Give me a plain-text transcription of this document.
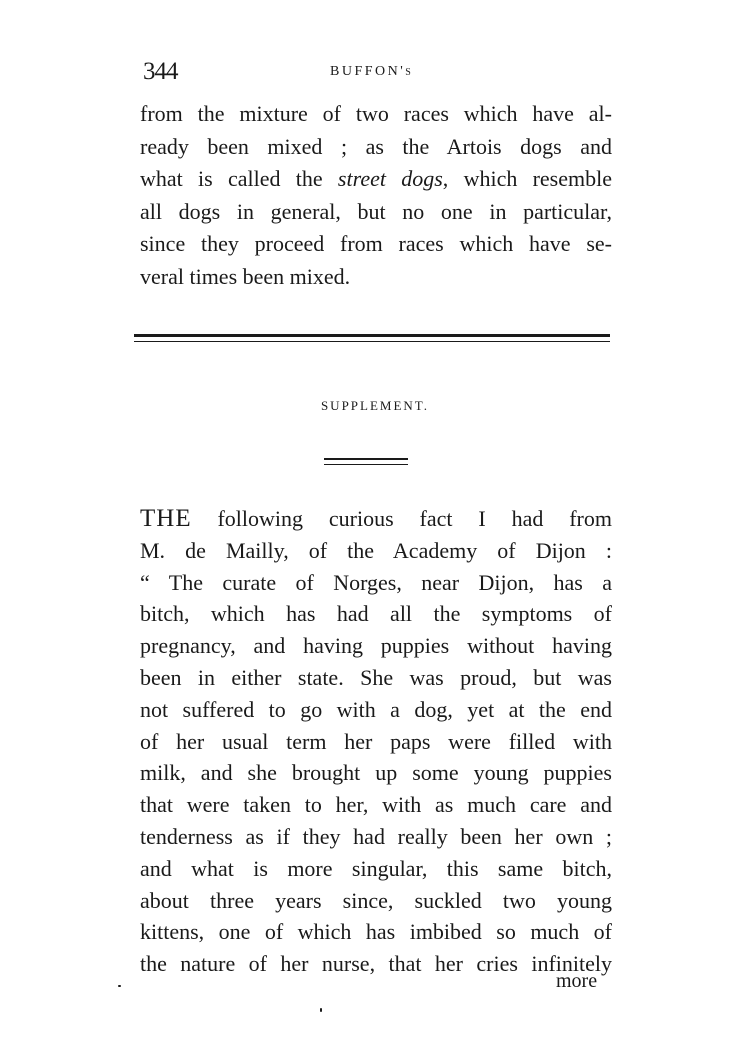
344	BUFFON's

from the mixture of two races which have al-
ready been mixed ; as the Artois dogs and
what is called the street dogs, which resemble
all dogs in general, but no one in particular,
since they proceed from races which have se-
veral times been mixed.

SUPPLEMENT.

THE following curious fact I had from
M. de Mailly, of the Academy of Dijon :
“ The curate of Norges, near Dijon, has a
bitch, which has had all the symptoms of
pregnancy, and having puppies without having
been in either state. She was proud, but was
not suffered to go with a dog, yet at the end
of her usual term her paps were filled with
milk, and she brought up some young puppies
that were taken to her, with as much care and
tenderness as if they had really been her own ;
and what is more singular, this same bitch,
about three years since, suckled two young
kittens, one of which has imbibed so much of
the nature of her nurse, that her cries infinitely

more
